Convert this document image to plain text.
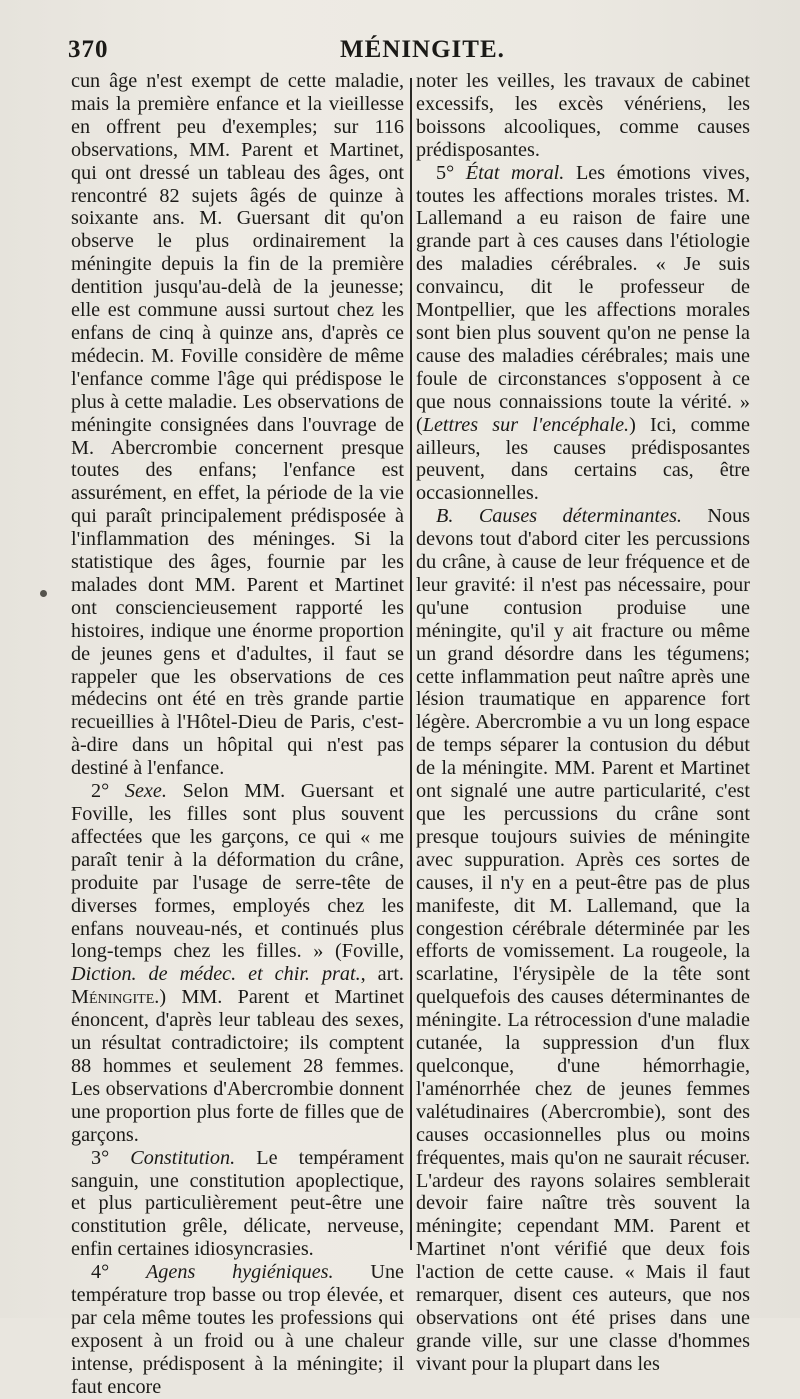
370	MÉNINGITE.

cun âge n'est exempt de cette maladie, mais la première enfance et la vieillesse en offrent peu d'exemples; sur 116 observations, MM. Parent et Martinet, qui ont dressé un tableau des âges, ont rencontré 82 sujets âgés de quinze à soixante ans. M. Guersant dit qu'on observe le plus ordinairement la méningite depuis la fin de la première dentition jusqu'au-delà de la jeunesse; elle est commune aussi surtout chez les enfans de cinq à quinze ans, d'après ce médecin. M. Foville considère de même l'enfance comme l'âge qui prédispose le plus à cette maladie. Les observations de méningite consignées dans l'ouvrage de M. Abercrombie concernent presque toutes des enfans; l'enfance est assurément, en effet, la période de la vie qui paraît principalement prédisposée à l'inflammation des méninges. Si la statistique des âges, fournie par les malades dont MM. Parent et Martinet ont consciencieusement rapporté les histoires, indique une énorme proportion de jeunes gens et d'adultes, il faut se rappeler que les observations de ces médecins ont été en très grande partie recueillies à l'Hôtel-Dieu de Paris, c'est-à-dire dans un hôpital qui n'est pas destiné à l'enfance.

2° Sexe. Selon MM. Guersant et Foville, les filles sont plus souvent affectées que les garçons, ce qui « me paraît tenir à la déformation du crâne, produite par l'usage de serre-tête de diverses formes, employés chez les enfans nouveau-nés, et continués plus long-temps chez les filles. » (Foville, Diction. de médec. et chir. prat., art. Méningite.) MM. Parent et Martinet énoncent, d'après leur tableau des sexes, un résultat contradictoire; ils comptent 88 hommes et seulement 28 femmes. Les observations d'Abercrombie donnent une proportion plus forte de filles que de garçons.

3° Constitution. Le tempérament sanguin, une constitution apoplectique, et plus particulièrement peut-être une constitution grêle, délicate, nerveuse, enfin certaines idiosyncrasies.

4° Agens hygiéniques. Une température trop basse ou trop élevée, et par cela même toutes les professions qui exposent à un froid ou à une chaleur intense, prédisposent à la méningite; il faut encore

noter les veilles, les travaux de cabinet excessifs, les excès vénériens, les boissons alcooliques, comme causes prédisposantes.

5° État moral. Les émotions vives, toutes les affections morales tristes. M. Lallemand a eu raison de faire une grande part à ces causes dans l'étiologie des maladies cérébrales. « Je suis convaincu, dit le professeur de Montpellier, que les affections morales sont bien plus souvent qu'on ne pense la cause des maladies cérébrales; mais une foule de circonstances s'opposent à ce que nous connaissions toute la vérité. » (Lettres sur l'encéphale.) Ici, comme ailleurs, les causes prédisposantes peuvent, dans certains cas, être occasionnelles.

B. Causes déterminantes. Nous devons tout d'abord citer les percussions du crâne, à cause de leur fréquence et de leur gravité: il n'est pas nécessaire, pour qu'une contusion produise une méningite, qu'il y ait fracture ou même un grand désordre dans les tégumens; cette inflammation peut naître après une lésion traumatique en apparence fort légère. Abercrombie a vu un long espace de temps séparer la contusion du début de la méningite. MM. Parent et Martinet ont signalé une autre particularité, c'est que les percussions du crâne sont presque toujours suivies de méningite avec suppuration. Après ces sortes de causes, il n'y en a peut-être pas de plus manifeste, dit M. Lallemand, que la congestion cérébrale déterminée par les efforts de vomissement. La rougeole, la scarlatine, l'érysipèle de la tête sont quelquefois des causes déterminantes de méningite. La rétrocession d'une maladie cutanée, la suppression d'un flux quelconque, d'une hémorrhagie, l'aménorrhée chez de jeunes femmes valétudinaires (Abercrombie), sont des causes occasionnelles plus ou moins fréquentes, mais qu'on ne saurait récuser. L'ardeur des rayons solaires semblerait devoir faire naître très souvent la méningite; cependant MM. Parent et Martinet n'ont vérifié que deux fois l'action de cette cause. « Mais il faut remarquer, disent ces auteurs, que nos observations ont été prises dans une grande ville, sur une classe d'hommes vivant pour la plupart dans les
